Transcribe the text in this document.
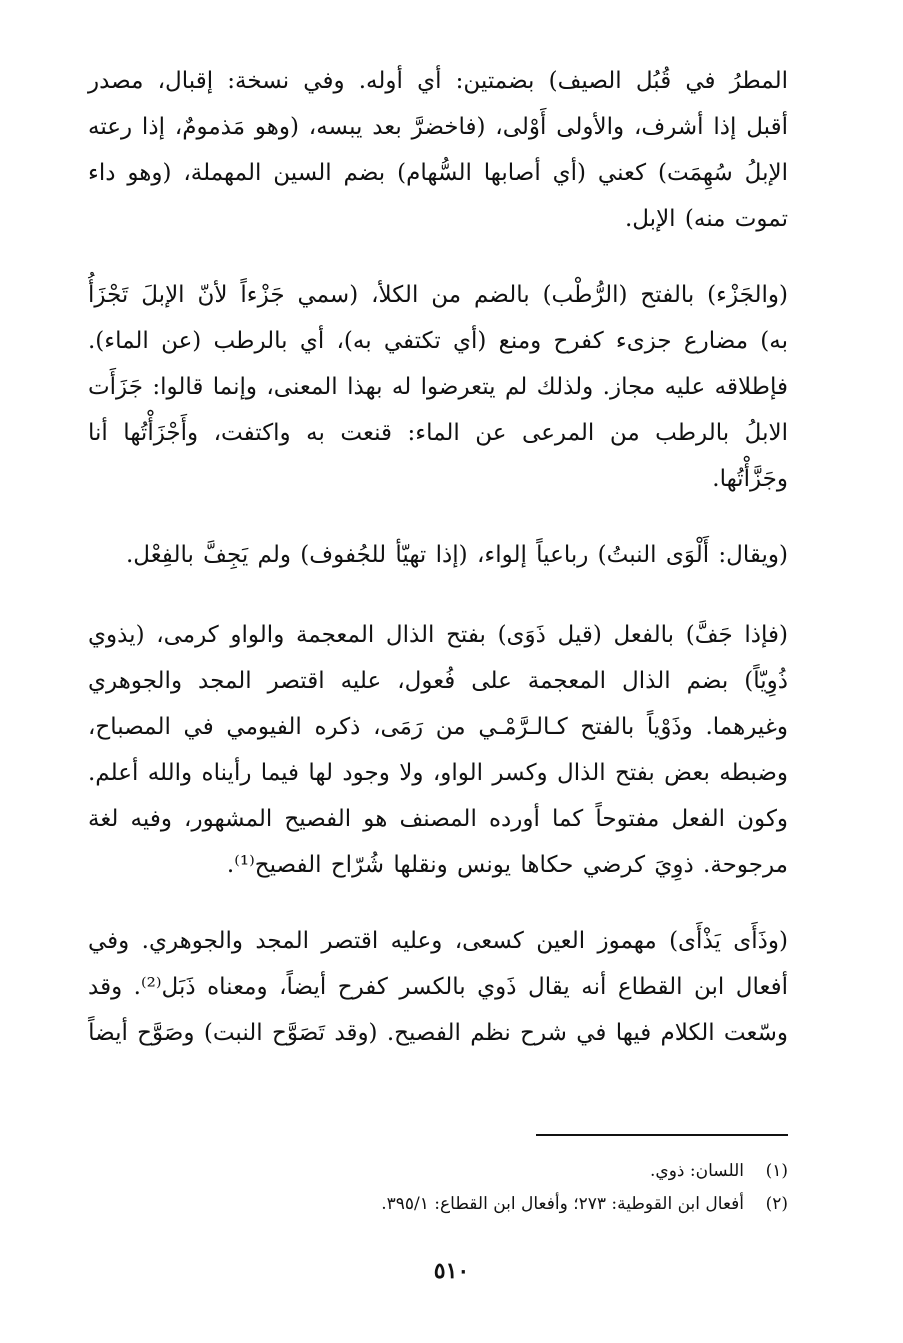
المطرُ في قُبُل الصيف) بضمتين: أي أوله. وفي نسخة: إقبال، مصدر أقبل إذا أشرف، والأولى أَوْلى، (فاخضرَّ بعد يبسه، (وهو مَذمومٌ، إذا رعته الإبلُ سُهِمَت) كعني (أي أصابها السُّهام) بضم السين المهملة، (وهو داء تموت منه) الإبل.

(والجَزْء) بالفتح (الرُّطْب) بالضم من الكلأ، (سمي جَزْءاً لأنّ الإبلَ تَجْزَأُ به) مضارع جزىء كفرح ومنع (أي تكتفي به)، أي بالرطب (عن الماء). فإطلاقه عليه مجاز. ولذلك لم يتعرضوا له بهذا المعنى، وإنما قالوا: جَزَأَت الابلُ بالرطب من المرعى عن الماء: قنعت به واكتفت، وأَجْزَأْتُها أنا وجَزَّأْتُها.

(ويقال: أَلْوَى النبتُ) رباعياً إلواء، (إذا تهيّأ للجُفوف) ولم يَجِفَّ بالفِعْل.

(فإذا جَفَّ) بالفعل (قيل ذَوَى) بفتح الذال المعجمة والواو كرمى، (يذوي ذُوِيّاً) بضم الذال المعجمة على فُعول، عليه اقتصر المجد والجوهري وغيرهما. وذَوْياً بالفتح كـالـرَّمْـي من رَمَى، ذكره الفيومي في المصباح، وضبطه بعض بفتح الذال وكسر الواو، ولا وجود لها فيما رأيناه والله أعلم. وكون الفعل مفتوحاً كما أورده المصنف هو الفصيح المشهور، وفيه لغة مرجوحة. ذوِيَ كرضي حكاها يونس ونقلها شُرّاح الفصيح⁽¹⁾.

(وذَأَى يَذْأَى) مهموز العين كسعى، وعليه اقتصر المجد والجوهري. وفي أفعال ابن القطاع أنه يقال ذَوي بالكسر كفرح أيضاً، ومعناه ذَبَل⁽²⁾. وقد وسّعت الكلام فيها في شرح نظم الفصيح. (وقد تَصَوَّح النبت) وصَوَّح أيضاً

(١)
اللسان: ذوي.
(٢)
أفعال ابن القوطية: ٢٧٣؛ وأفعال ابن القطاع: ٣٩٥/١.
٥١٠
